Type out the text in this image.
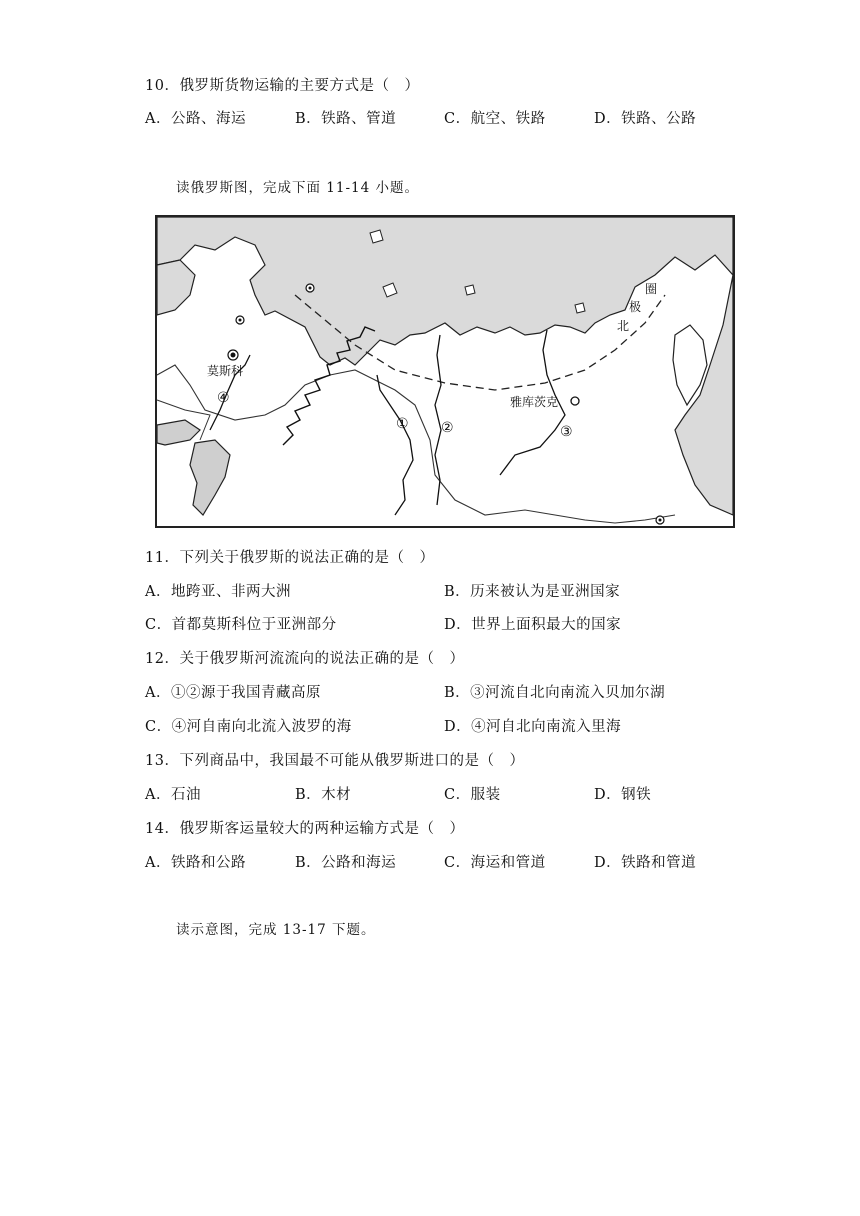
10．俄罗斯货物运输的主要方式是（　）
A．公路、海运	B．铁路、管道	C．航空、铁路	D．铁路、公路
读俄罗斯图，完成下面 11-14 小题。
莫斯科
雅库茨克
北
极
圈
① ②	③
④
11．下列关于俄罗斯的说法正确的是（　）
A．地跨亚、非两大洲	B．历来被认为是亚洲国家
C．首都莫斯科位于亚洲部分	D．世界上面积最大的国家
12．关于俄罗斯河流流向的说法正确的是（　）
A．①②源于我国青藏高原	B．③河流自北向南流入贝加尔湖
C．④河自南向北流入波罗的海	D．④河自北向南流入里海
13．下列商品中，我国最不可能从俄罗斯进口的是（　）
A．石油	B．木材	C．服装	D．钢铁
14．俄罗斯客运量较大的两种运输方式是（　）
A．铁路和公路	B．公路和海运	C．海运和管道	D．铁路和管道
读示意图，完成 13-17 下题。
